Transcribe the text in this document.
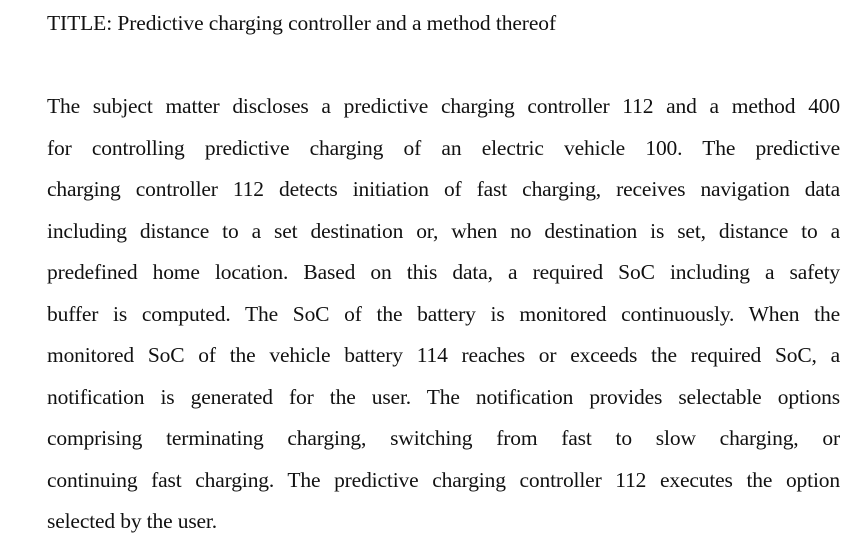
TITLE: Predictive charging controller and a method thereof
The subject matter discloses a predictive charging controller 112 and a method 400
for controlling predictive charging of an electric vehicle 100. The predictive
charging controller 112 detects initiation of fast charging, receives navigation data
including distance to a set destination or, when no destination is set, distance to a
predefined home location. Based on this data, a required SoC including a safety
buffer is computed. The SoC of the battery is monitored continuously. When the
monitored SoC of the vehicle battery 114 reaches or exceeds the required SoC, a
notification is generated for the user. The notification provides selectable options
comprising terminating charging, switching from fast to slow charging, or
continuing fast charging. The predictive charging controller 112 executes the option
selected by the user.
